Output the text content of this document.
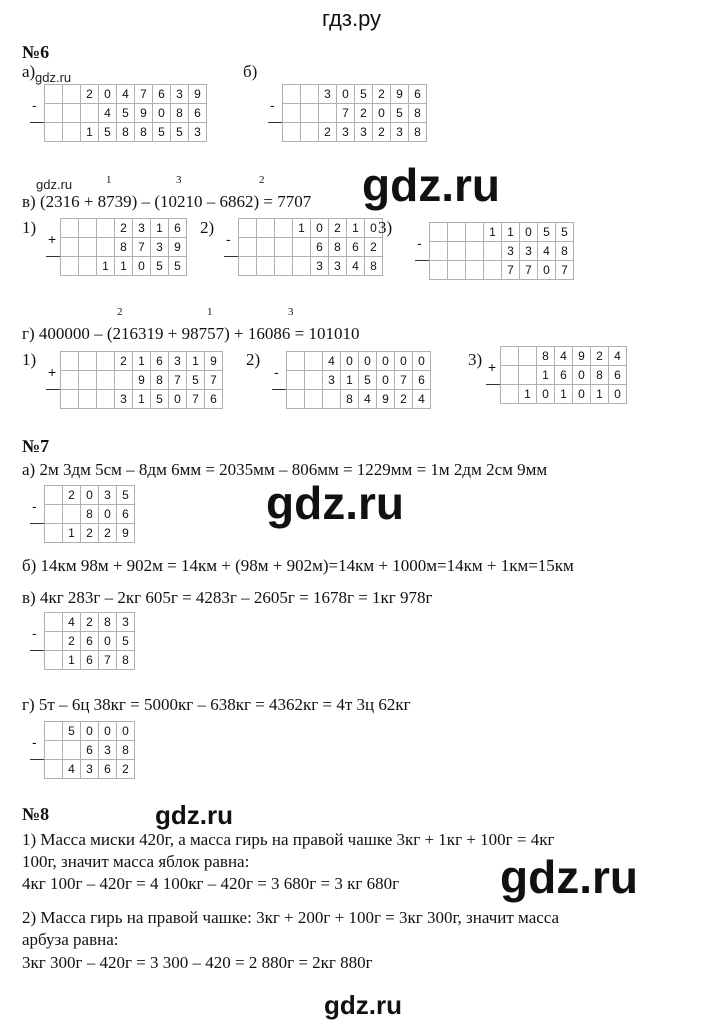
гдз.ру
№6
а) gdz.ru	б)
-			2	0	4	7	6	3	9
				4	5	9	0	8	6
			1	5	8	8	5	5	3
-			3	0	5	2	9	6
				7	2	0	5	8
			2	3	3	2	3	8
gdz.ru	1	3	2
в) (2316 + 8739) – (10210 – 6862) = 7707 gdz.ru
1)
+				2	3	1	6
				8	7	3	9
			1	1	0	5	5
2)
-				1	0	2	1	0
					6	8	6	2
					3	3	4	8
3)
-				1	1	0	5	5
					3	3	4	8
					7	7	0	7
2	1	3
г) 400000 – (216319 + 98757) + 16086 = 101010
1)
+				2	1	6	3	1	9
					9	8	7	5	7
				3	1	5	0	7	6
2)
-			4	0	0	0	0	0
			3	1	5	0	7	6
				8	4	9	2	4
3) +			8	4	9	2	4
			1	6	0	8	6
		1	0	1	0	1	0
№7
а) 2м 3дм 5см – 8дм 6мм = 2035мм – 806мм = 1229мм = 1м 2дм 2см 9мм
-		2	0	3	5
			8	0	6
		1	2	2	9
gdz.ru
б) 14км 98м + 902м = 14км + (98м + 902м)=14км + 1000м=14км + 1км=15км
в) 4кг 283г – 2кг 605г = 4283г – 2605г = 1678г = 1кг 978г
-		4	2	8	3
		2	6	0	5
		1	6	7	8
г) 5т – 6ц 38кг = 5000кг – 638кг = 4362кг = 4т 3ц 62кг
-		5	0	0	0
			6	3	8
		4	3	6	2
№8	gdz.ru
1) Масса миски 420г, а масса гирь на правой чашке 3кг + 1кг + 100г = 4кг
100г, значит масса яблок равна:	gdz.ru
4кг 100г – 420г = 4 100кг – 420г = 3 680г = 3 кг 680г
2) Масса гирь на правой чашке: 3кг + 200г + 100г = 3кг 300г, значит масса
арбуза равна:
3кг 300г – 420г = 3 300 – 420 = 2 880г = 2кг 880г
gdz.ru
